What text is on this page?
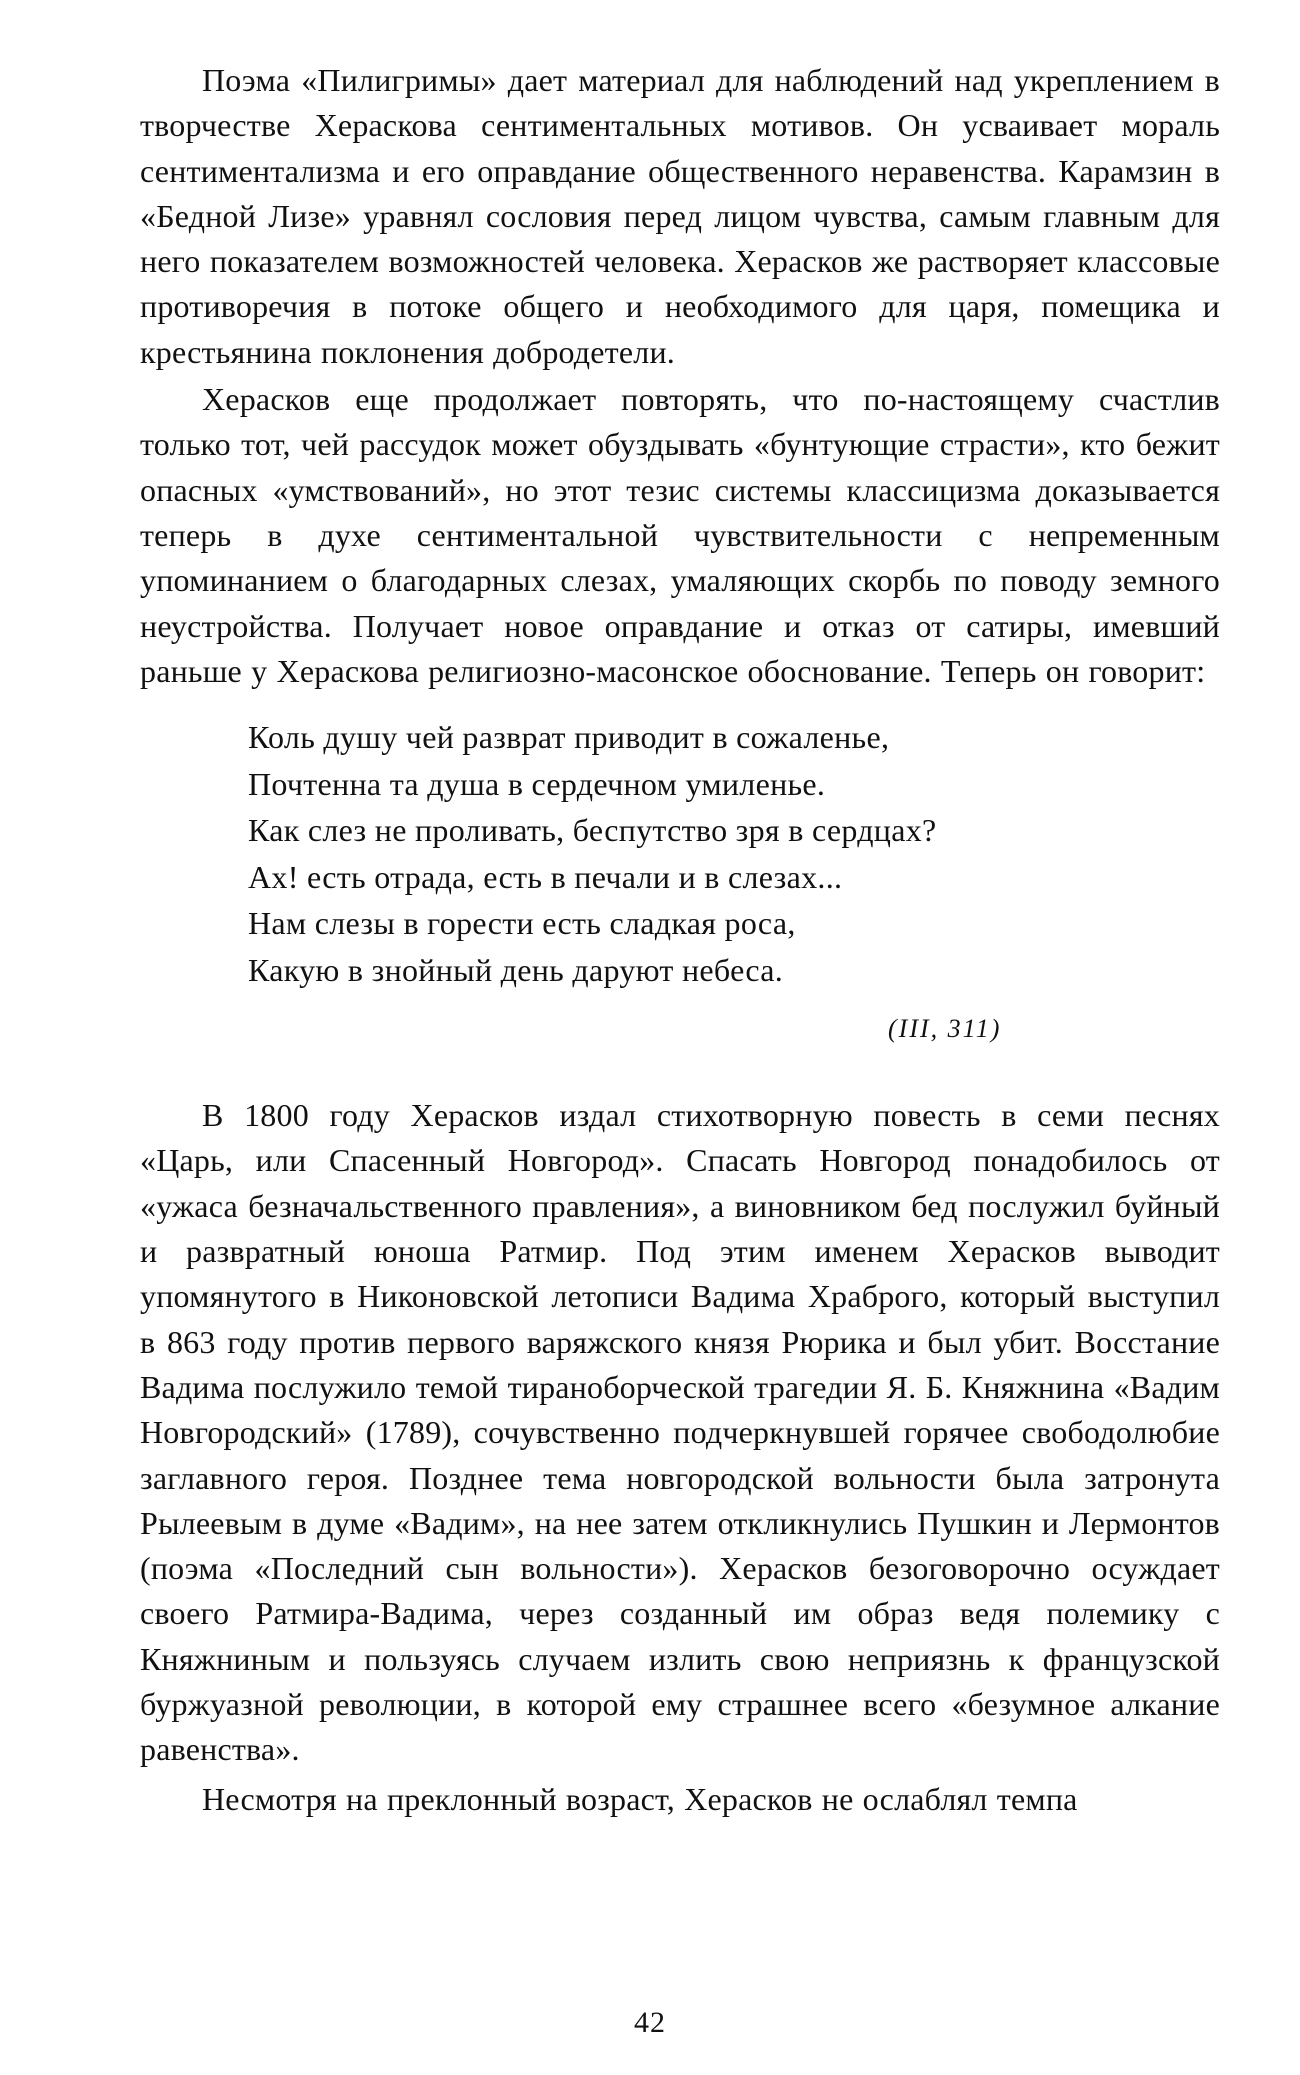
Поэма «Пилигримы» дает материал для наблюдений над укреплением в творчестве Хераскова сентиментальных мотивов. Он усваивает мораль сентиментализма и его оправдание общественного неравенства. Карамзин в «Бедной Лизе» уравнял сословия перед лицом чувства, самым главным для него показателем возможностей человека. Херасков же растворяет классовые противоречия в потоке общего и необходимого для царя, помещика и крестьянина поклонения добродетели.

Херасков еще продолжает повторять, что по-настоящему счастлив только тот, чей рассудок может обуздывать «бунтующие страсти», кто бежит опасных «умствований», но этот тезис системы классицизма доказывается теперь в духе сентиментальной чувствительности с непременным упоминанием о благодарных слезах, умаляющих скорбь по поводу земного неустройства. Получает новое оправдание и отказ от сатиры, имевший раньше у Хераскова религиозно-масонское обоснование. Теперь он говорит:

Коль душу чей разврат приводит в сожаленье,
Почтенна та душа в сердечном умиленье.
Как слез не проливать, беспутство зря в сердцах?
Ах! есть отрада, есть в печали и в слезах...
Нам слезы в горести есть сладкая роса,
Какую в знойный день даруют небеса.
(III, 311)

В 1800 году Херасков издал стихотворную повесть в семи песнях «Царь, или Спасенный Новгород». Спасать Новгород понадобилось от «ужаса безначальственного правления», а виновником бед послужил буйный и развратный юноша Ратмир. Под этим именем Херасков выводит упомянутого в Никоновской летописи Вадима Храброго, который выступил в 863 году против первого варяжского князя Рюрика и был убит. Восстание Вадима послужило темой тираноборческой трагедии Я. Б. Княжнина «Вадим Новгородский» (1789), сочувственно подчеркнувшей горячее свободолюбие заглавного героя. Позднее тема новгородской вольности была затронута Рылеевым в думе «Вадим», на нее затем откликнулись Пушкин и Лермонтов (поэма «Последний сын вольности»). Херасков безоговорочно осуждает своего Ратмира-Вадима, через созданный им образ ведя полемику с Княжниным и пользуясь случаем излить свою неприязнь к французской буржуазной революции, в которой ему страшнее всего «безумное алкание равенства».

Несмотря на преклонный возраст, Херасков не ослаблял темпа

42
